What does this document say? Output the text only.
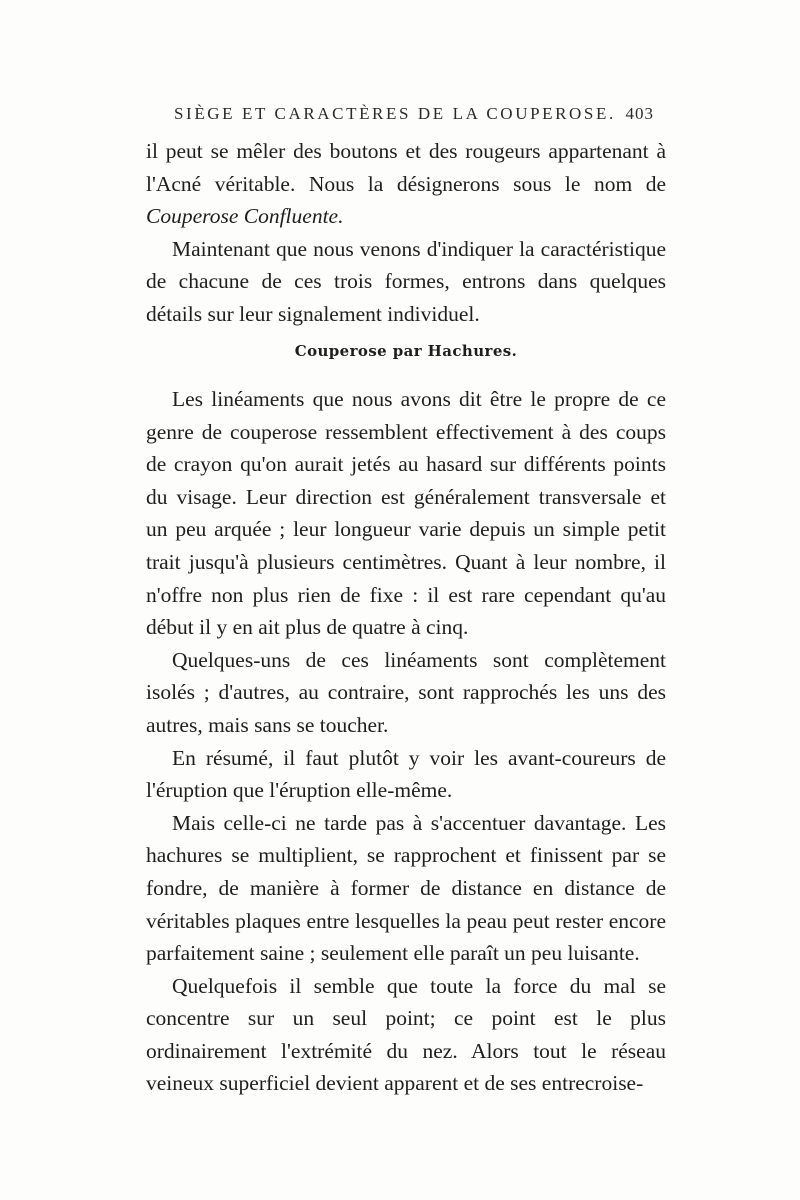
SIÈGE ET CARACTÈRES DE LA COUPEROSE. 403

il peut se mêler des boutons et des rougeurs appartenant à l'Acné véritable. Nous la désignerons sous le nom de Couperose Confluente.

Maintenant que nous venons d'indiquer la caractéristique de chacune de ces trois formes, entrons dans quelques détails sur leur signalement individuel.

Couperose par Hachures.

Les linéaments que nous avons dit être le propre de ce genre de couperose ressemblent effectivement à des coups de crayon qu'on aurait jetés au hasard sur différents points du visage. Leur direction est généralement transversale et un peu arquée ; leur longueur varie depuis un simple petit trait jusqu'à plusieurs centimètres. Quant à leur nombre, il n'offre non plus rien de fixe : il est rare cependant qu'au début il y en ait plus de quatre à cinq.

Quelques-uns de ces linéaments sont complètement isolés ; d'autres, au contraire, sont rapprochés les uns des autres, mais sans se toucher.

En résumé, il faut plutôt y voir les avant-coureurs de l'éruption que l'éruption elle-même.

Mais celle-ci ne tarde pas à s'accentuer davantage. Les hachures se multiplient, se rapprochent et finissent par se fondre, de manière à former de distance en distance de véritables plaques entre lesquelles la peau peut rester encore parfaitement saine ; seulement elle paraît un peu luisante.

Quelquefois il semble que toute la force du mal se concentre sur un seul point; ce point est le plus ordinairement l'extrémité du nez. Alors tout le réseau veineux superficiel devient apparent et de ses entrecroise-
